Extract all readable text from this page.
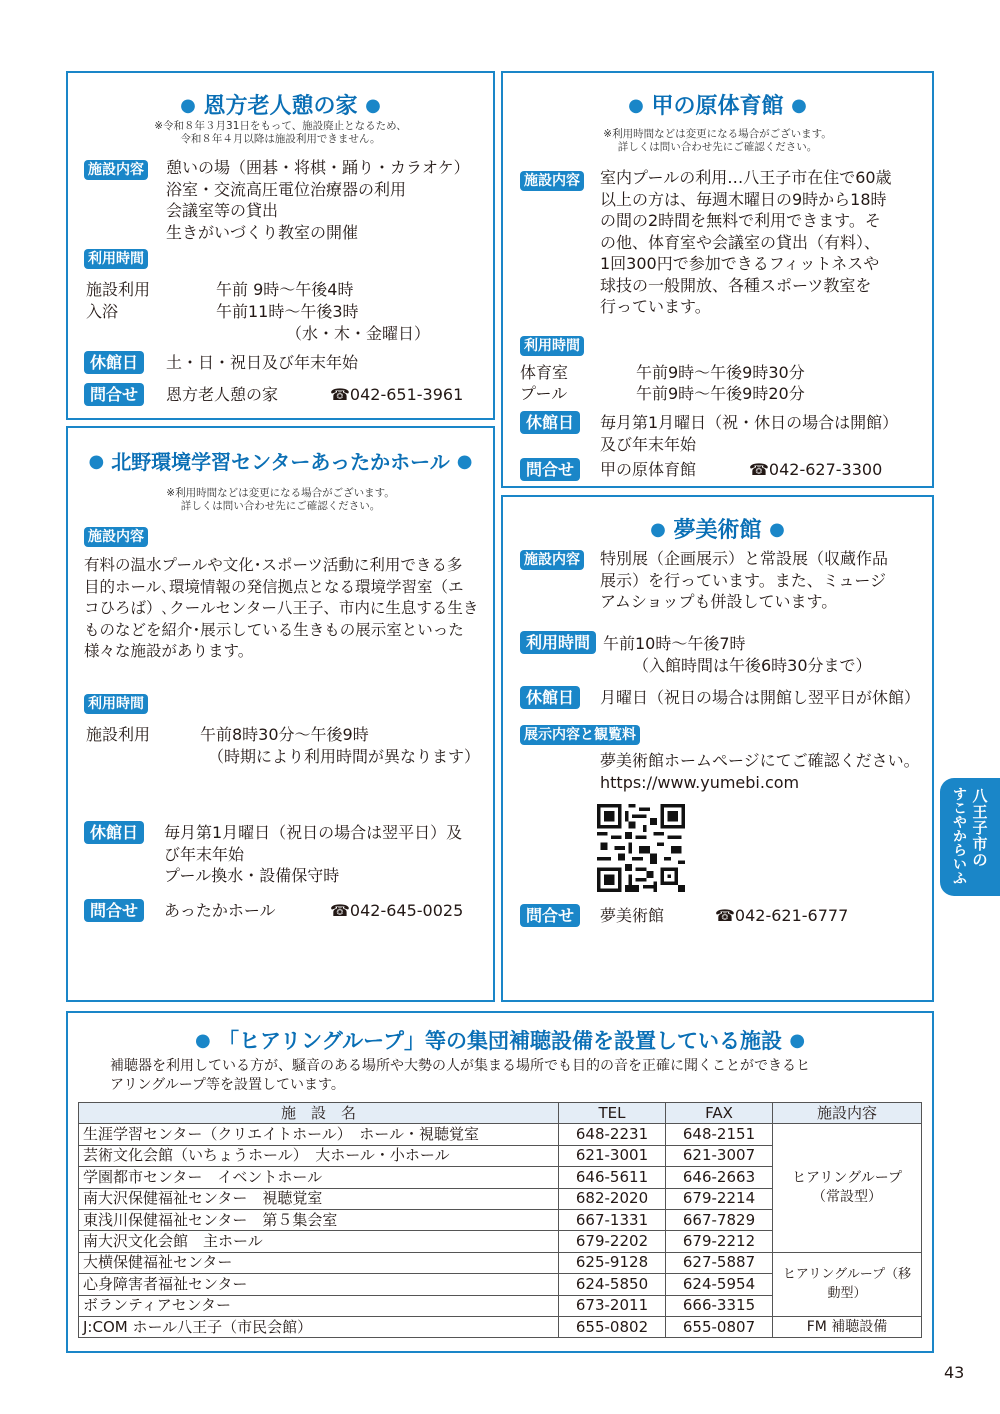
● 恩方老人憩の家 ●
※令和８年３月31日をもって、施設廃止となるため、
令和８年４月以降は施設利用できません。
施設内容 憩いの場（囲碁・将棋・踊り・カラオケ）
浴室・交流高圧電位治療器の利用
会議室等の貸出
生きがいづくり教室の開催
利用時間
施設利用	午前 9時～午後4時
入浴	午前11時～午後3時
（水・木・金曜日）
休館日	土・日・祝日及び年末年始
問合せ	恩方老人憩の家	☎042-651-3961
● 甲の原体育館 ●
※利用時間などは変更になる場合がございます。
詳しくは問い合わせ先にご確認ください。
施設内容 室内プールの利用…八王子市在住で60歳
以上の方は、毎週木曜日の9時から18時
の間の2時間を無料で利用できます。そ
の他、体育室や会議室の貸出（有料）、
1回300円で参加できるフィットネスや
球技の一般開放、各種スポーツ教室を
行っています。
利用時間
体育室	午前9時～午後9時30分
プール	午前9時～午後9時20分
休館日	毎月第1月曜日（祝・休日の場合は開館）
及び年末年始
問合せ	甲の原体育館	☎042-627-3300
● 北野環境学習センターあったかホール ●
※利用時間などは変更になる場合がございます。
詳しくは問い合わせ先にご確認ください。
施設内容
有料の温水プールや文化･スポーツ活動に利用できる多
目的ホール､環境情報の発信拠点となる環境学習室（エ
コひろば）､クールセンター八王子、市内に生息する生き
ものなどを紹介･展示している生きもの展示室といった
様々な施設があります。
利用時間
施設利用	午前8時30分～午後9時
（時期により利用時間が異なります）
休館日	毎月第1月曜日（祝日の場合は翌平日）及
び年末年始
プール換水・設備保守時
問合せ	あったかホール	☎042-645-0025
● 夢美術館 ●
施設内容 特別展（企画展示）と常設展（収蔵作品
展示）を行っています。また、ミュージ
アムショップも併設しています。
利用時間 午前10時～午後7時
（入館時間は午後6時30分まで）
休館日	月曜日（祝日の場合は開館し翌平日が休館）
展示内容と観覧料
夢美術館ホームページにてご確認ください。
https://www.yumebi.com
問合せ	夢美術館	☎042-621-6777
八王子市の
すこやからいふ
● 「ヒアリングループ」等の集団補聴設備を設置している施設 ●
補聴器を利用している方が、騒音のある場所や大勢の人が集まる場所でも目的の音を正確に聞くことができるヒ
アリングループ等を設置しています。
施　設　名	TEL	FAX	施設内容
生涯学習センター（クリエイトホール）　ホール・視聴覚室	648-2231	648-2151	ヒアリングループ
（常設型）

芸術文化会館（いちょうホール）　大ホール・小ホール	621-3001	621-3007	
学園都市センター　イベントホール	646-5611	646-2663	
南大沢保健福祉センター　視聴覚室	682-2020	679-2214	
東浅川保健福祉センター　第５集会室	667-1331	667-7829	
南大沢文化会館　主ホール	679-2202	679-2212	
大横保健福祉センター	625-9128	627-5887	ヒアリングループ（移動型）
心身障害者福祉センター	624-5850	624-5954	
ボランティアセンター	673-2011	666-3315	
J:COM ホール八王子（市民会館）	655-0802	655-0807	FM 補聴設備
43
